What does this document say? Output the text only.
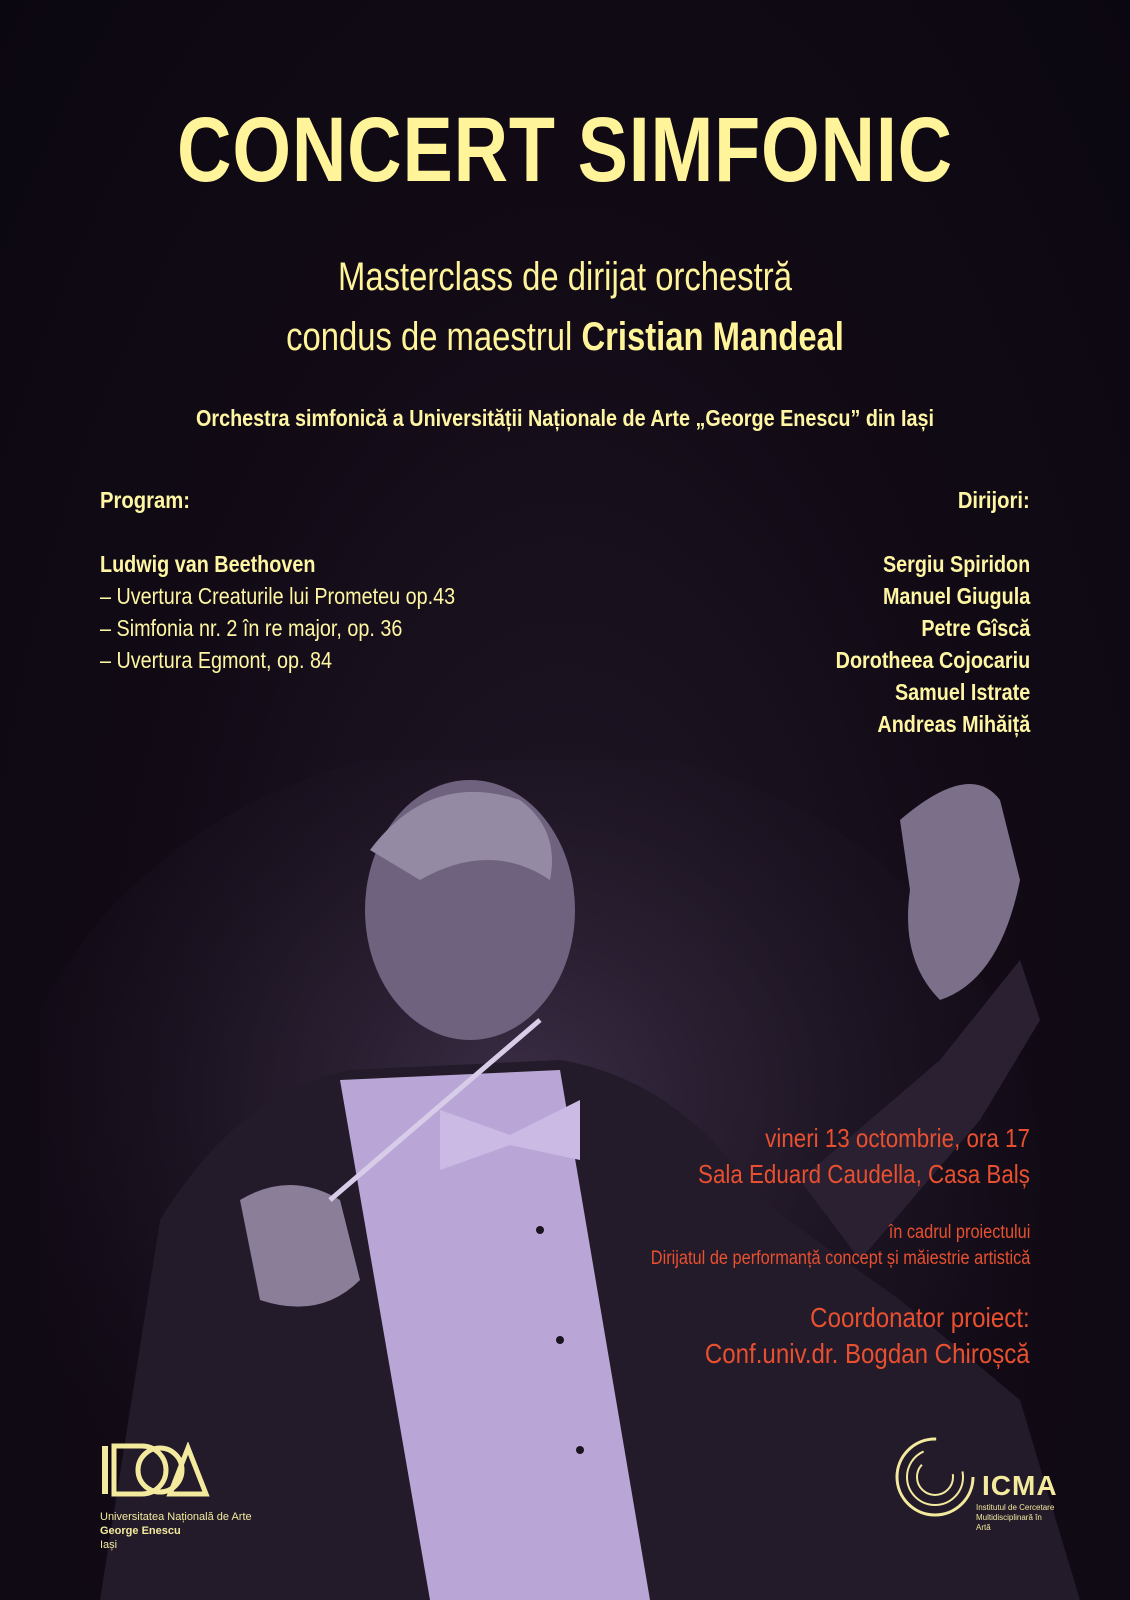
CONCERT SIMFONIC
Masterclass de dirijat orchestră
condus de maestrul Cristian Mandeal
Orchestra simfonică a Universității Naționale de Arte „George Enescu” din Iași
Program:	Dirijori:
Ludwig van Beethoven
– Uvertura Creaturile lui Prometeu op.43
– Simfonia nr. 2 în re major, op. 36
– Uvertura Egmont, op. 84
Sergiu Spiridon
Manuel Giugula
Petre Gîscă
Dorotheea Cojocariu
Samuel Istrate
Andreas Mihăiță
vineri 13 octombrie, ora 17
Sala Eduard Caudella, Casa Balș
în cadrul proiectului
Dirijatul de performanță concept și măiestrie artistică
Coordonator proiect:
Conf.univ.dr. Bogdan Chiroșcă
Universitatea Națională de Arte
George Enescu
Iași
ICMA
Institutul de Cercetare Multidisciplinară în Artă
